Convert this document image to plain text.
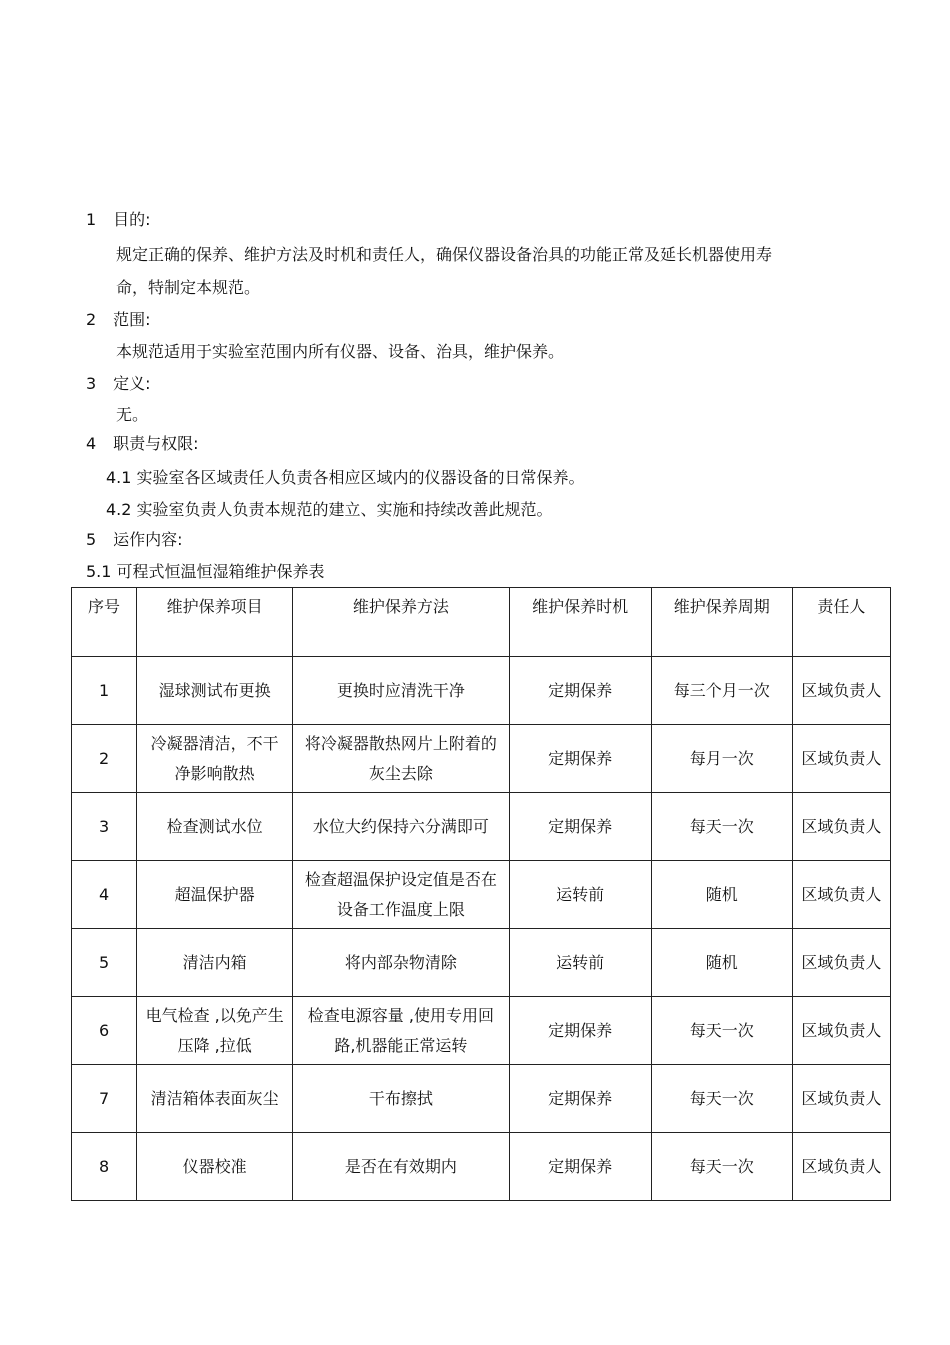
1 目的:
规定正确的保养、维护方法及时机和责任人，确保仪器设备治具的功能正常及延长机器使用寿
命，特制定本规范。
2 范围:
本规范适用于实验室范围内所有仪器、设备、治具，维护保养。
3 定义:
无。
4 职责与权限:
4.1 实验室各区域责任人负责各相应区域内的仪器设备的日常保养。
4.2 实验室负责人负责本规范的建立、实施和持续改善此规范。
5 运作内容:
5.1 可程式恒温恒湿箱维护保养表
序号	维护保养项目	维护保养方法	维护保养时机	维护保养周期	责任人
1	湿球测试布更换	更换时应清洗干净	定期保养	每三个月一次	区域负责人
2	冷凝器清洁，不干净影响散热	将冷凝器散热网片上附着的灰尘去除	定期保养	每月一次	区域负责人
3	检查测试水位	水位大约保持六分满即可	定期保养	每天一次	区域负责人
4	超温保护器	检查超温保护设定值是否在设备工作温度上限	运转前	随机	区域负责人
5	清洁内箱	将内部杂物清除	运转前	随机	区域负责人
6	电气检查 ,以免产生压降 ,拉低	检查电源容量 ,使用专用回路,机器能正常运转	定期保养	每天一次	区域负责人
7	清洁箱体表面灰尘	干布擦拭	定期保养	每天一次	区域负责人
8	仪器校准	是否在有效期内	定期保养	每天一次	区域负责人
